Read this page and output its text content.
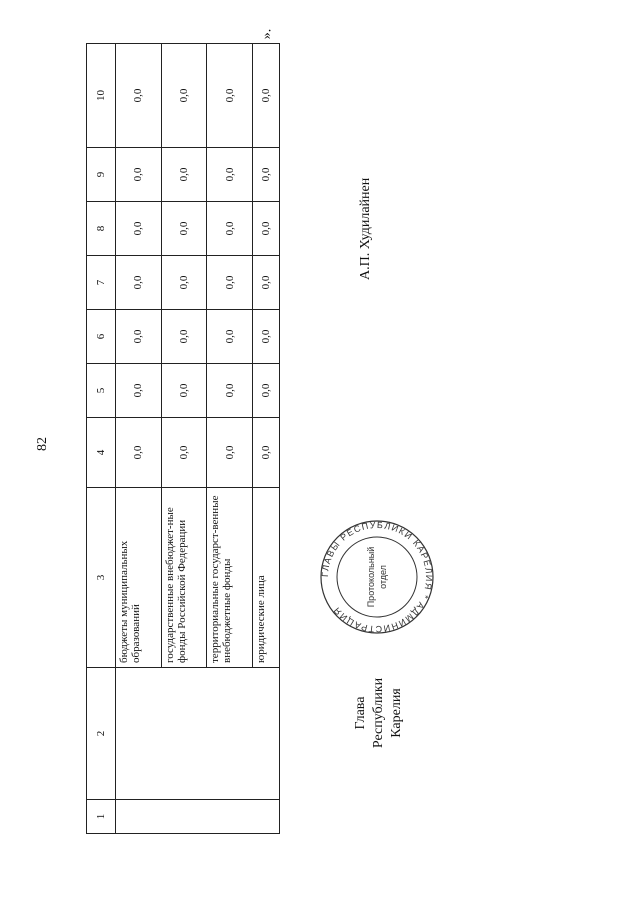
82
».
1	2	3	4	5	6	7	8	9	10
		бюджеты муниципальных образований	0,0	0,0	0,0	0,0	0,0	0,0	0,0
		государственные внебюджет-ные фонды Российской Федерации	0,0	0,0	0,0	0,0	0,0	0,0	0,0
		территориальные государст-венные внебюджетные фонды	0,0	0,0	0,0	0,0	0,0	0,0	0,0
		юридические лица	0,0	0,0	0,0	0,0	0,0	0,0	0,0
Глава Республики Карелия
А.П. Худилайнен
ГЛАВЫ РЕСПУБЛИКИ КАРЕЛИЯ * АДМИНИСТРАЦИЯ
Протокольный отдел
